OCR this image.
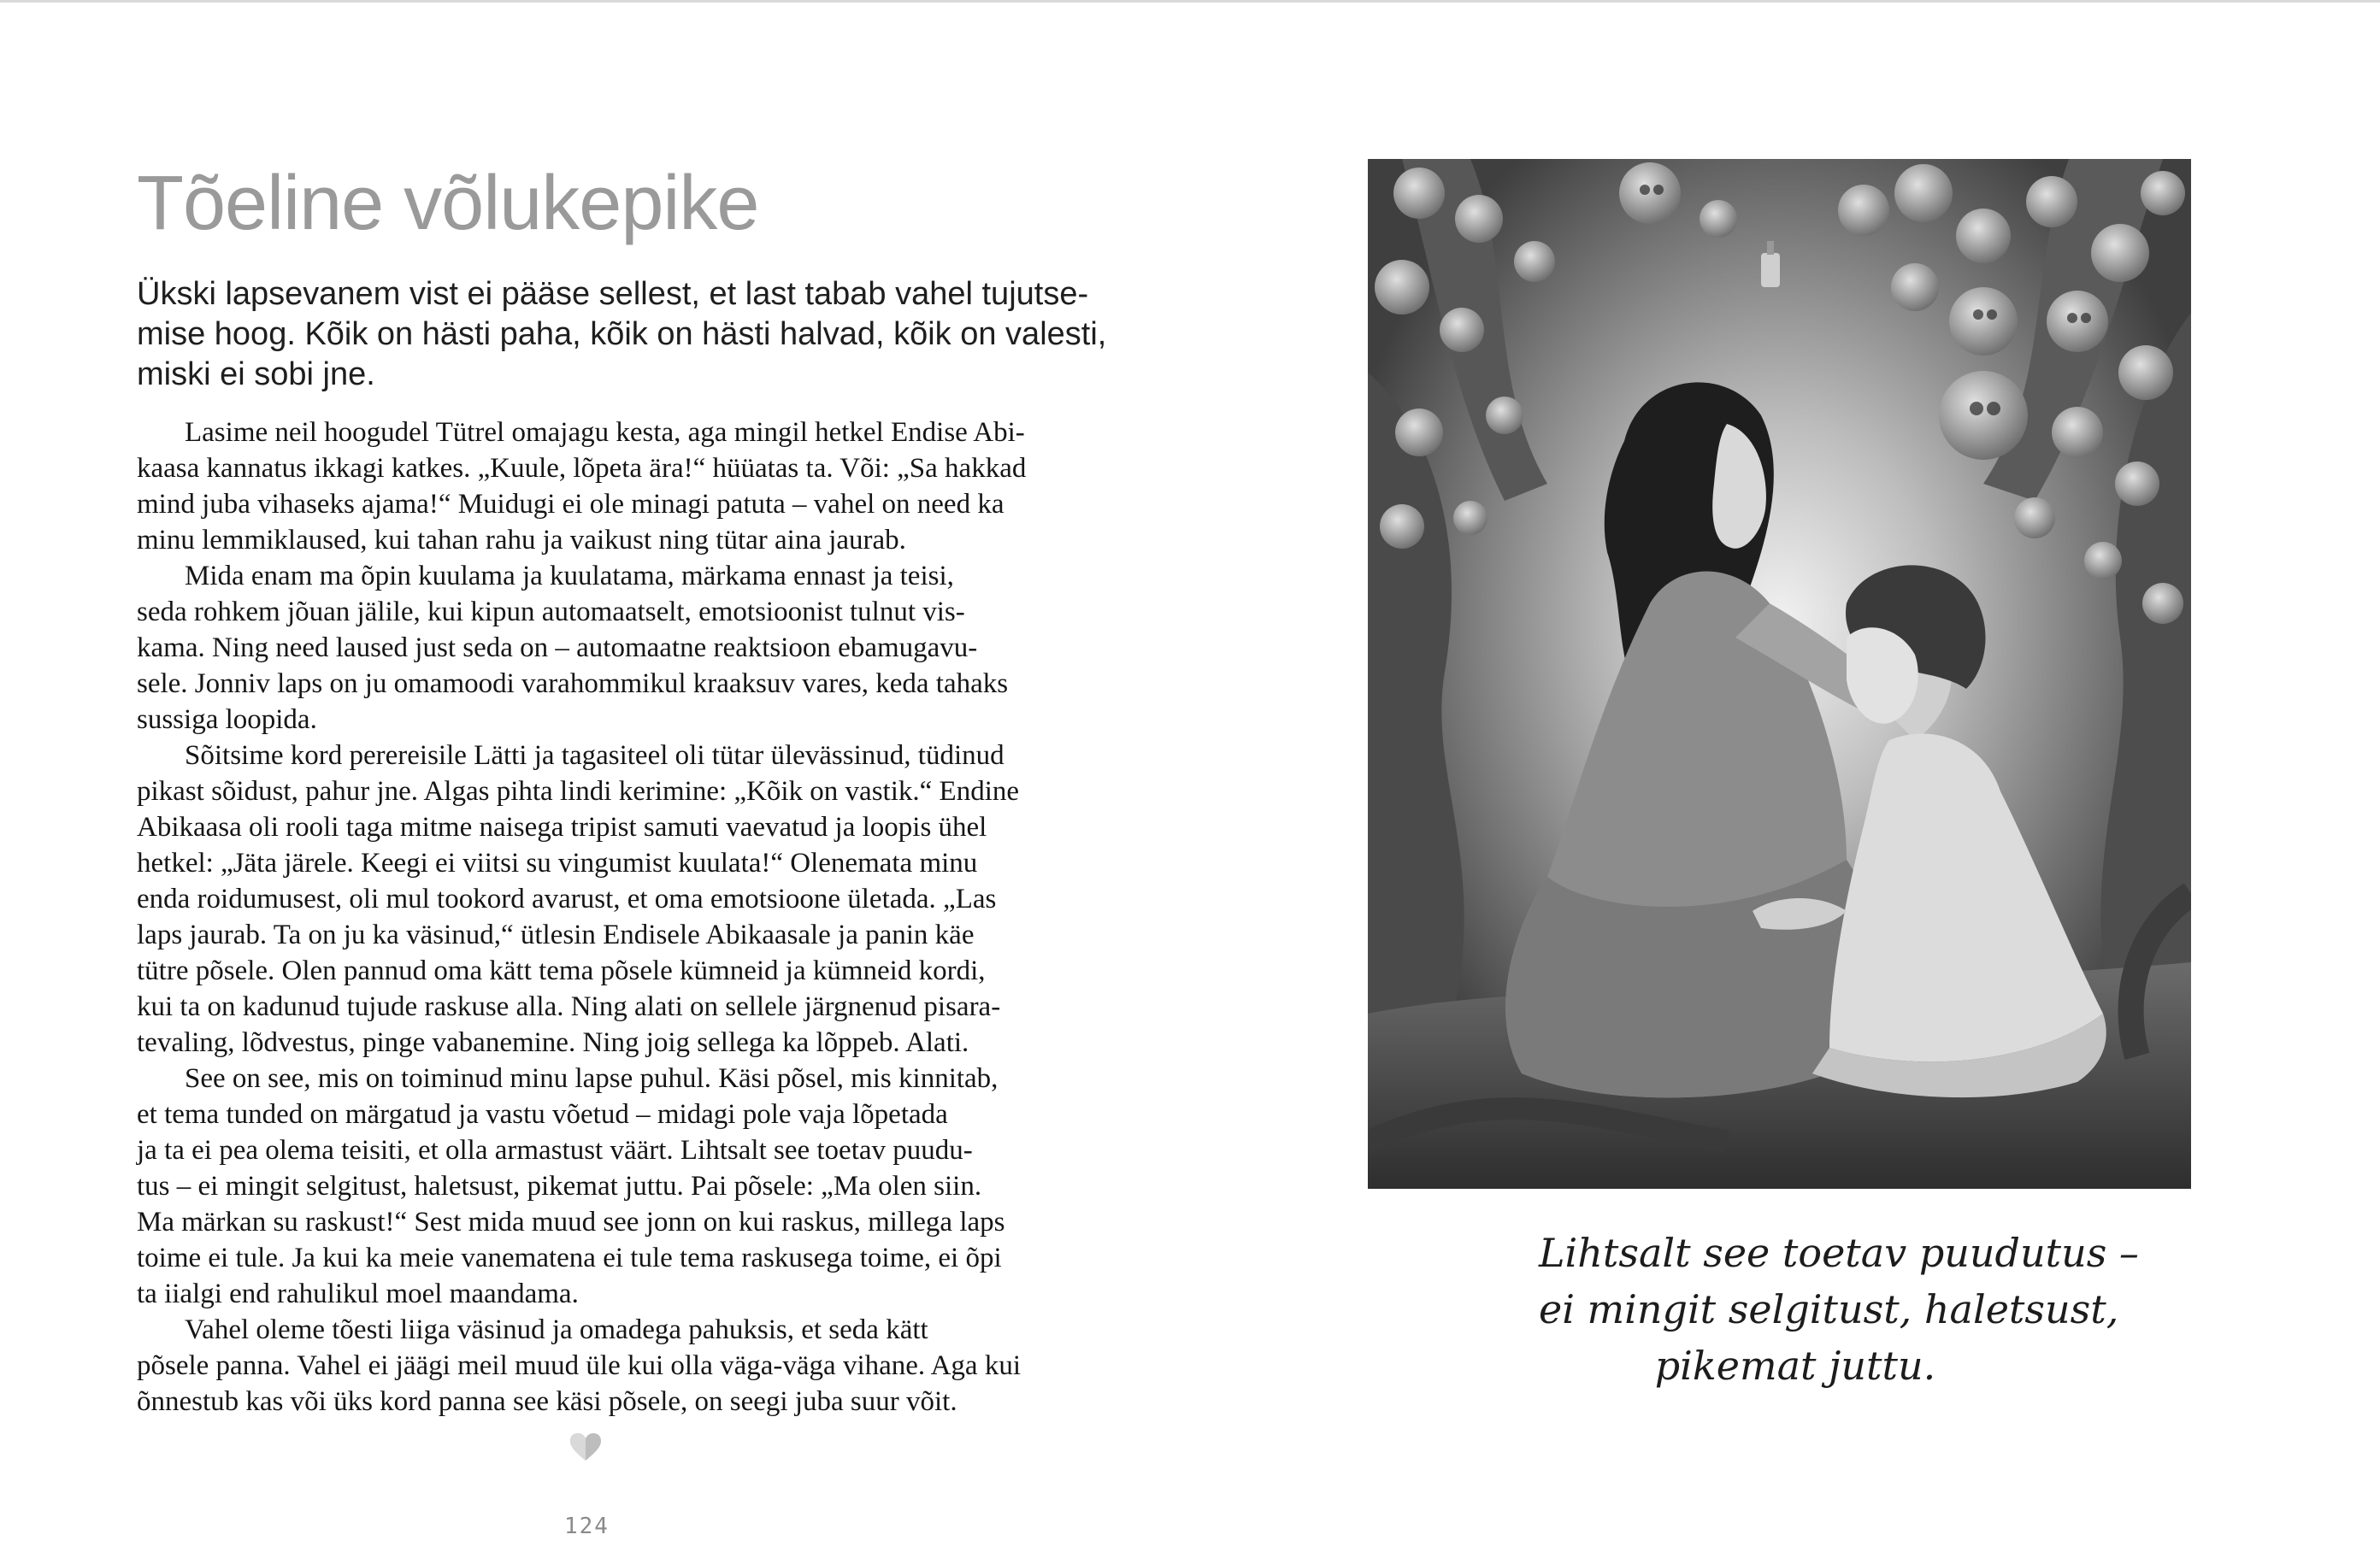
Tõeline võlukepike
Ükski lapsevanem vist ei pääse sellest, et last tabab vahel tujutse-
mise hoog. Kõik on hästi paha, kõik on hästi halvad, kõik on valesti,
miski ei sobi jne.
Lasime neil hoogudel Tütrel omajagu kesta, aga mingil hetkel Endise Abi-
kaasa kannatus ikkagi katkes. „Kuule, lõpeta ära!“ hüüatas ta. Või: „Sa hakkad
mind juba vihaseks ajama!“ Muidugi ei ole minagi patuta – vahel on need ka
minu lemmiklaused, kui tahan rahu ja vaikust ning tütar aina jaurab.
Mida enam ma õpin kuulama ja kuulatama, märkama ennast ja teisi,
seda rohkem jõuan jälile, kui kipun automaatselt, emotsioonist tulnut vis-
kama. Ning need laused just seda on – automaatne reaktsioon ebamugavu-
sele. Jonniv laps on ju omamoodi varahommikul kraaksuv vares, keda tahaks
sussiga loopida.
Sõitsime kord perereisile Lätti ja tagasiteel oli tütar ülevässinud, tüdinud
pikast sõidust, pahur jne. Algas pihta lindi kerimine: „Kõik on vastik.“ Endine
Abikaasa oli rooli taga mitme naisega tripist samuti vaevatud ja loopis ühel
hetkel: „Jäta järele. Keegi ei viitsi su vingumist kuulata!“ Olenemata minu
enda roidumusest, oli mul tookord avarust, et oma emotsioone ületada. „Las
laps jaurab. Ta on ju ka väsinud,“ ütlesin Endisele Abikaasale ja panin käe
tütre põsele. Olen pannud oma kätt tema põsele kümneid ja kümneid kordi,
kui ta on kadunud tujude raskuse alla. Ning alati on sellele järgnenud pisara-
tevaling, lõdvestus, pinge vabanemine. Ning joig sellega ka lõppeb. Alati.
See on see, mis on toiminud minu lapse puhul. Käsi põsel, mis kinnitab,
et tema tunded on märgatud ja vastu võetud – midagi pole vaja lõpetada
ja ta ei pea olema teisiti, et olla armastust väärt. Lihtsalt see toetav puudu-
tus – ei mingit selgitust, haletsust, pikemat juttu. Pai põsele: „Ma olen siin.
Ma märkan su raskust!“ Sest mida muud see jonn on kui raskus, millega laps
toime ei tule. Ja kui ka meie vanematena ei tule tema raskusega toime, ei õpi
ta iialgi end rahulikul moel maandama.
Vahel oleme tõesti liiga väsinud ja omadega pahuksis, et seda kätt
põsele panna. Vahel ei jäägi meil muud üle kui olla väga-väga vihane. Aga kui
õnnestub kas või üks kord panna see käsi põsele, on seegi juba suur võit.
124
Lihtsalt see toetav puudutus –
ei mingit selgitust, haletsust,
pikemat juttu.
